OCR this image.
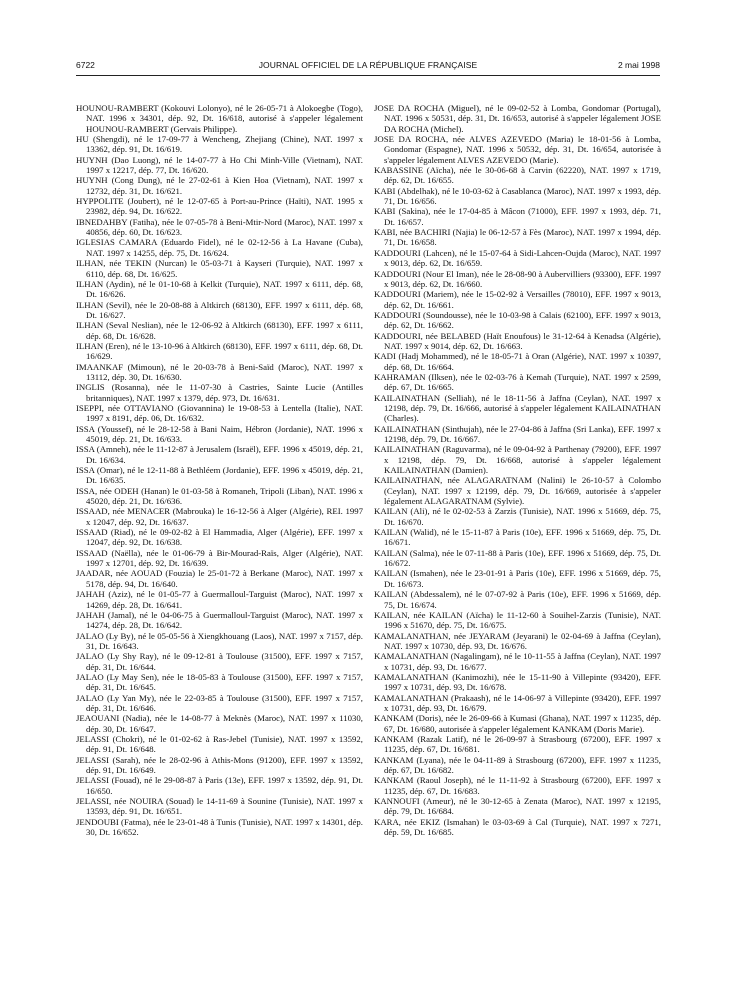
6722	JOURNAL OFFICIEL DE LA RÉPUBLIQUE FRANÇAISE	2 mai 1998

HOUNOU-RAMBERT (Kokouvi Lolonyo), né le 26-05-71 à Alokoegbe (Togo), NAT. 1996 x 34301, dép. 92, Dt. 16/618, autorisé à s'appeler légalement HOUNOU-RAMBERT (Gervais Philippe).

HU (Shengdi), né le 17-09-77 à Wencheng, Zhejiang (Chine), NAT. 1997 x 13362, dép. 91, Dt. 16/619.

HUYNH (Dao Luong), né le 14-07-77 à Ho Chi Minh-Ville (Vietnam), NAT. 1997 x 12217, dép. 77, Dt. 16/620.

HUYNH (Cong Dung), né le 27-02-61 à Kien Hoa (Vietnam), NAT. 1997 x 12732, dép. 31, Dt. 16/621.

HYPPOLITE (Joubert), né le 12-07-65 à Port-au-Prince (Haïti), NAT. 1995 x 23982, dép. 94, Dt. 16/622.

IBNEDAHBY (Fatiha), née le 07-05-78 à Beni-Mtir-Nord (Maroc), NAT. 1997 x 40856, dép. 60, Dt. 16/623.

IGLESIAS CAMARA (Eduardo Fidel), né le 02-12-56 à La Havane (Cuba), NAT. 1997 x 14255, dép. 75, Dt. 16/624.

ILHAN, née TEKIN (Nurcan) le 05-03-71 à Kayseri (Turquie), NAT. 1997 x 6110, dép. 68, Dt. 16/625.

ILHAN (Aydin), né le 01-10-68 à Kelkit (Turquie), NAT. 1997 x 6111, dép. 68, Dt. 16/626.

ILHAN (Sevil), née le 20-08-88 à Altkirch (68130), EFF. 1997 x 6111, dép. 68, Dt. 16/627.

ILHAN (Seval Neslian), née le 12-06-92 à Altkirch (68130), EFF. 1997 x 6111, dép. 68, Dt. 16/628.

ILHAN (Eren), né le 13-10-96 à Altkirch (68130), EFF. 1997 x 6111, dép. 68, Dt. 16/629.

IMAANKAF (Mimoun), né le 20-03-78 à Beni-Saïd (Maroc), NAT. 1997 x 13112, dép. 30, Dt. 16/630.

INGLIS (Rosanna), née le 11-07-30 à Castries, Sainte Lucie (Antilles britanniques), NAT. 1997 x 1379, dép. 973, Dt. 16/631.

ISEPPI, née OTTAVIANO (Giovannina) le 19-08-53 à Lentella (Italie), NAT. 1997 x 8191, dép. 06, Dt. 16/632.

ISSA (Youssef), né le 28-12-58 à Bani Naim, Hébron (Jordanie), NAT. 1996 x 45019, dép. 21, Dt. 16/633.

ISSA (Amneh), née le 11-12-87 à Jerusalem (Israël), EFF. 1996 x 45019, dép. 21, Dt. 16/634.

ISSA (Omar), né le 12-11-88 à Bethléem (Jordanie), EFF. 1996 x 45019, dép. 21, Dt. 16/635.

ISSA, née ODEH (Hanan) le 01-03-58 à Romaneh, Tripoli (Liban), NAT. 1996 x 45020, dép. 21, Dt. 16/636.

ISSAAD, née MENACER (Mabrouka) le 16-12-56 à Alger (Algérie), REI. 1997 x 12047, dép. 92, Dt. 16/637.

ISSAAD (Riad), né le 09-02-82 à El Hammadia, Alger (Algérie), EFF. 1997 x 12047, dép. 92, Dt. 16/638.

ISSAAD (Naëlla), née le 01-06-79 à Bir-Mourad-Raïs, Alger (Algérie), NAT. 1997 x 12701, dép. 92, Dt. 16/639.

JAADAR, née AOUAD (Fouzia) le 25-01-72 à Berkane (Maroc), NAT. 1997 x 5178, dép. 94, Dt. 16/640.

JAHAH (Aziz), né le 01-05-77 à Guermalloul-Targuist (Maroc), NAT. 1997 x 14269, dép. 28, Dt. 16/641.

JAHAH (Jamal), né le 04-06-75 à Guermalloul-Targuist (Maroc), NAT. 1997 x 14274, dép. 28, Dt. 16/642.

JALAO (Ly By), né le 05-05-56 à Xiengkhouang (Laos), NAT. 1997 x 7157, dép. 31, Dt. 16/643.

JALAO (Ly Shy Ray), né le 09-12-81 à Toulouse (31500), EFF. 1997 x 7157, dép. 31, Dt. 16/644.

JALAO (Ly May Sen), née le 18-05-83 à Toulouse (31500), EFF. 1997 x 7157, dép. 31, Dt. 16/645.

JALAO (Ly Yan My), née le 22-03-85 à Toulouse (31500), EFF. 1997 x 7157, dép. 31, Dt. 16/646.

JEAOUANI (Nadia), née le 14-08-77 à Meknès (Maroc), NAT. 1997 x 11030, dép. 30, Dt. 16/647.

JELASSI (Chokri), né le 01-02-62 à Ras-Jebel (Tunisie), NAT. 1997 x 13592, dép. 91, Dt. 16/648.

JELASSI (Sarah), née le 28-02-96 à Athis-Mons (91200), EFF. 1997 x 13592, dép. 91, Dt. 16/649.

JELASSI (Fouad), né le 29-08-87 à Paris (13e), EFF. 1997 x 13592, dép. 91, Dt. 16/650.

JELASSI, née NOUIRA (Souad) le 14-11-69 à Sounine (Tunisie), NAT. 1997 x 13593, dép. 91, Dt. 16/651.

JENDOUBI (Fatma), née le 23-01-48 à Tunis (Tunisie), NAT. 1997 x 14301, dép. 30, Dt. 16/652.

JOSE DA ROCHA (Miguel), né le 09-02-52 à Lomba, Gondomar (Portugal), NAT. 1996 x 50531, dép. 31, Dt. 16/653, autorisé à s'appeler légalement JOSE DA ROCHA (Michel).

JOSE DA ROCHA, née ALVES AZEVEDO (Maria) le 18-01-56 à Lomba, Gondomar (Espagne), NAT. 1996 x 50532, dép. 31, Dt. 16/654, autorisée à s'appeler légalement ALVES AZEVEDO (Marie).

KABASSINE (Aïcha), née le 30-06-68 à Carvin (62220), NAT. 1997 x 1719, dép. 62, Dt. 16/655.

KABI (Abdelhak), né le 10-03-62 à Casablanca (Maroc), NAT. 1997 x 1993, dép. 71, Dt. 16/656.

KABI (Sakina), née le 17-04-85 à Mâcon (71000), EFF. 1997 x 1993, dép. 71, Dt. 16/657.

KABI, née BACHIRI (Najia) le 06-12-57 à Fès (Maroc), NAT. 1997 x 1994, dép. 71, Dt. 16/658.

KADDOURI (Lahcen), né le 15-07-64 à Sidi-Lahcen-Oujda (Maroc), NAT. 1997 x 9013, dép. 62, Dt. 16/659.

KADDOURI (Nour El Iman), née le 28-08-90 à Aubervilliers (93300), EFF. 1997 x 9013, dép. 62, Dt. 16/660.

KADDOURI (Mariem), née le 15-02-92 à Versailles (78010), EFF. 1997 x 9013, dép. 62, Dt. 16/661.

KADDOURI (Soundousse), née le 10-03-98 à Calais (62100), EFF. 1997 x 9013, dép. 62, Dt. 16/662.

KADDOURI, née BELABED (Haït Enoufous) le 31-12-64 à Kenadsa (Algérie), NAT. 1997 x 9014, dép. 62, Dt. 16/663.

KADI (Hadj Mohammed), né le 18-05-71 à Oran (Algérie), NAT. 1997 x 10397, dép. 68, Dt. 16/664.

KAHRAMAN (Ilksen), née le 02-03-76 à Kemah (Turquie), NAT. 1997 x 2599, dép. 67, Dt. 16/665.

KAILAINATHAN (Selliah), né le 18-11-56 à Jaffna (Ceylan), NAT. 1997 x 12198, dép. 79, Dt. 16/666, autorisé à s'appeler légalement KAILAINATHAN (Charles).

KAILAINATHAN (Sinthujah), née le 27-04-86 à Jaffna (Sri Lanka), EFF. 1997 x 12198, dép. 79, Dt. 16/667.

KAILAINATHAN (Raguvarma), né le 09-04-92 à Parthenay (79200), EFF. 1997 x 12198, dép. 79, Dt. 16/668, autorisé à s'appeler légalement KAILAINATHAN (Damien).

KAILAINATHAN, née ALAGARATNAM (Nalini) le 26-10-57 à Colombo (Ceylan), NAT. 1997 x 12199, dép. 79, Dt. 16/669, autorisée à s'appeler légalement ALAGARATNAM (Sylvie).

KAILAN (Ali), né le 02-02-53 à Zarzis (Tunisie), NAT. 1996 x 51669, dép. 75, Dt. 16/670.

KAILAN (Walid), né le 15-11-87 à Paris (10e), EFF. 1996 x 51669, dép. 75, Dt. 16/671.

KAILAN (Salma), née le 07-11-88 à Paris (10e), EFF. 1996 x 51669, dép. 75, Dt. 16/672.

KAILAN (Ismahen), née le 23-01-91 à Paris (10e), EFF. 1996 x 51669, dép. 75, Dt. 16/673.

KAILAN (Abdessalem), né le 07-07-92 à Paris (10e), EFF. 1996 x 51669, dép. 75, Dt. 16/674.

KAILAN, née KAILAN (Aïcha) le 11-12-60 à Souihel-Zarzis (Tunisie), NAT. 1996 x 51670, dép. 75, Dt. 16/675.

KAMALANATHAN, née JEYARAM (Jeyarani) le 02-04-69 à Jaffna (Ceylan), NAT. 1997 x 10730, dép. 93, Dt. 16/676.

KAMALANATHAN (Nagalingam), né le 10-11-55 à Jaffna (Ceylan), NAT. 1997 x 10731, dép. 93, Dt. 16/677.

KAMALANATHAN (Kanimozhi), née le 15-11-90 à Villepinte (93420), EFF. 1997 x 10731, dép. 93, Dt. 16/678.

KAMALANATHAN (Prakaash), né le 14-06-97 à Villepinte (93420), EFF. 1997 x 10731, dép. 93, Dt. 16/679.

KANKAM (Doris), née le 26-09-66 à Kumasi (Ghana), NAT. 1997 x 11235, dép. 67, Dt. 16/680, autorisée à s'appeler légalement KANKAM (Doris Marie).

KANKAM (Razak Latif), né le 26-09-97 à Strasbourg (67200), EFF. 1997 x 11235, dép. 67, Dt. 16/681.

KANKAM (Lyana), née le 04-11-89 à Strasbourg (67200), EFF. 1997 x 11235, dép. 67, Dt. 16/682.

KANKAM (Raoul Joseph), né le 11-11-92 à Strasbourg (67200), EFF. 1997 x 11235, dép. 67, Dt. 16/683.

KANNOUFI (Ameur), né le 30-12-65 à Zenata (Maroc), NAT. 1997 x 12195, dép. 79, Dt. 16/684.

KARA, née EKIZ (Ismahan) le 03-03-69 à Cal (Turquie), NAT. 1997 x 7271, dép. 59, Dt. 16/685.
